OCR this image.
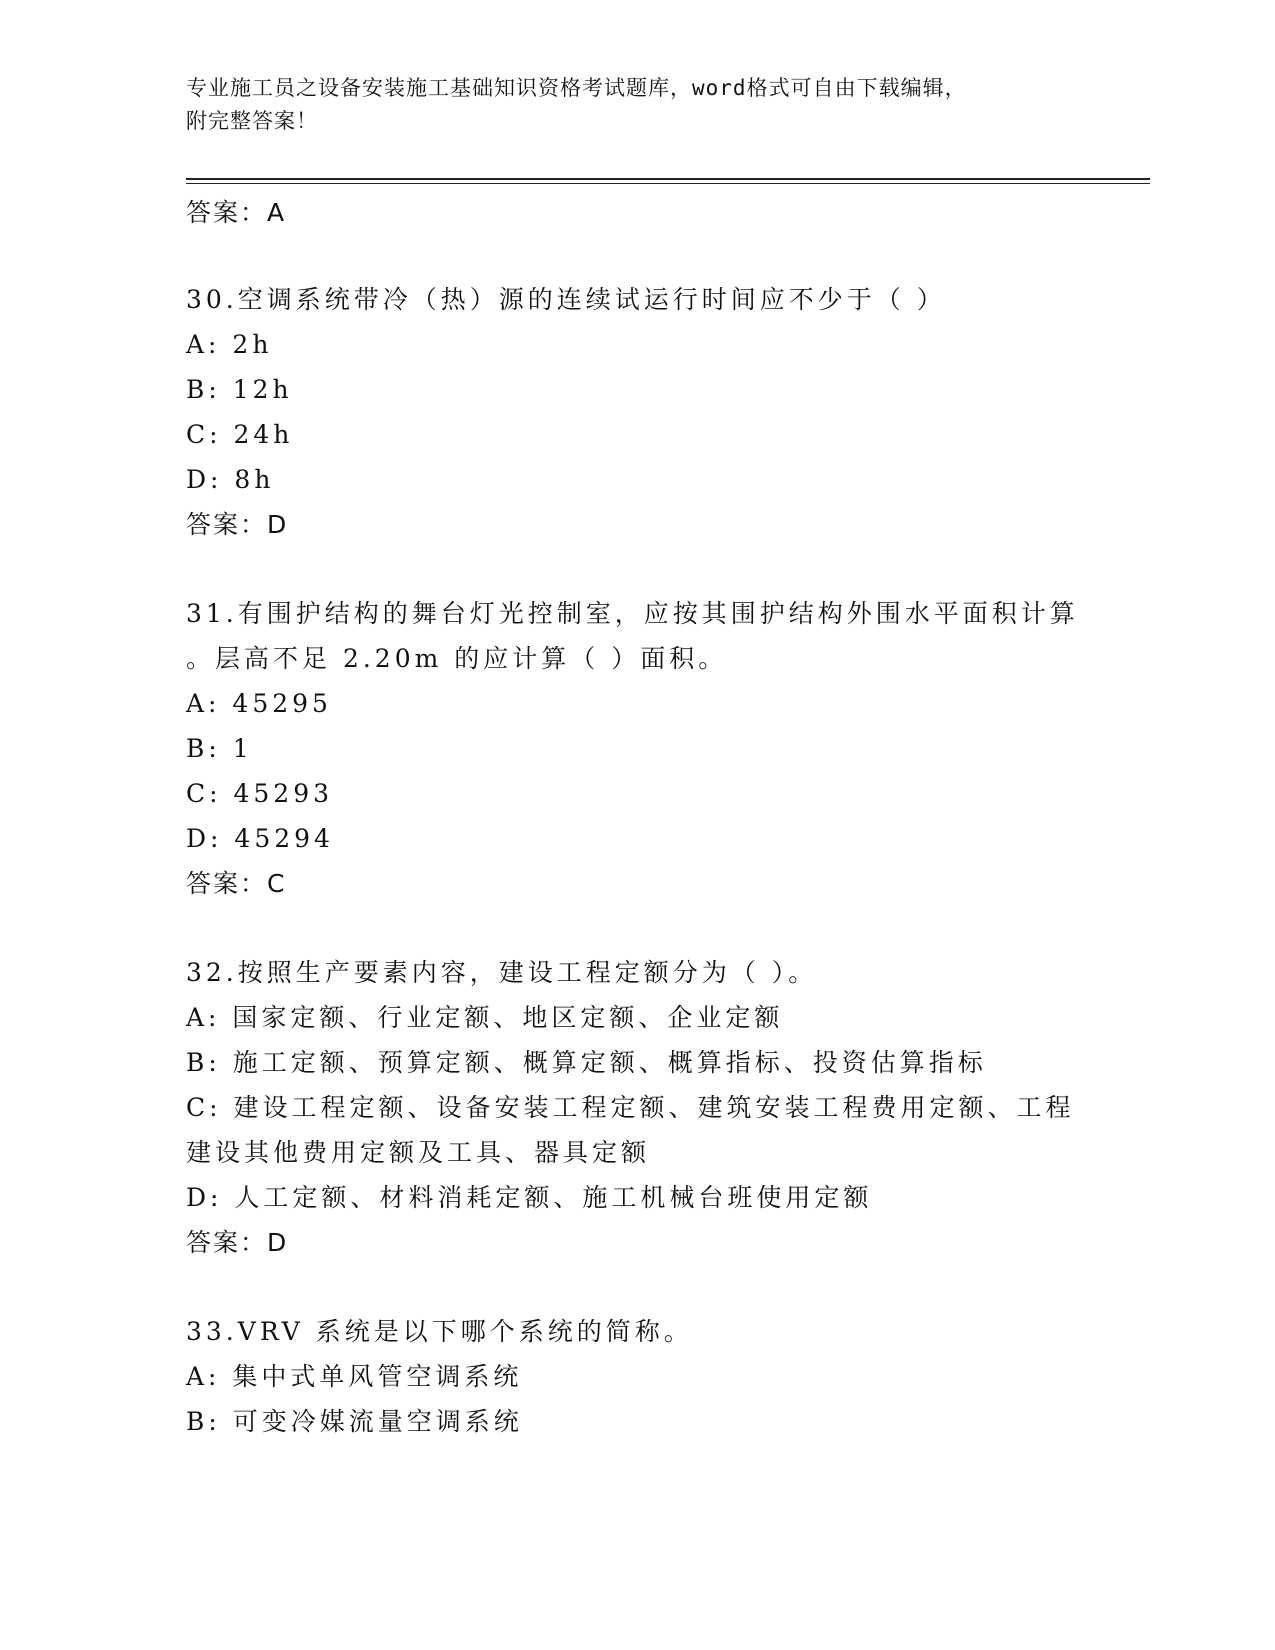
专业施工员之设备安装施工基础知识资格考试题库，word格式可自由下载编辑，
附完整答案！
答案：A
30.空调系统带冷（热）源的连续试运行时间应不少于（ ）
A: 2h
B: 12h
C: 24h
D: 8h
答案：D
31.有围护结构的舞台灯光控制室，应按其围护结构外围水平面积计算
。层高不足 2.20m 的应计算（ ）面积。
A: 45295
B: 1
C: 45293
D: 45294
答案：C
32.按照生产要素内容，建设工程定额分为（ ）。
A: 国家定额、行业定额、地区定额、企业定额
B: 施工定额、预算定额、概算定额、概算指标、投资估算指标
C: 建设工程定额、设备安装工程定额、建筑安装工程费用定额、工程
建设其他费用定额及工具、器具定额
D: 人工定额、材料消耗定额、施工机械台班使用定额
答案：D
33.VRV 系统是以下哪个系统的简称。
A: 集中式单风管空调系统
B: 可变冷媒流量空调系统
